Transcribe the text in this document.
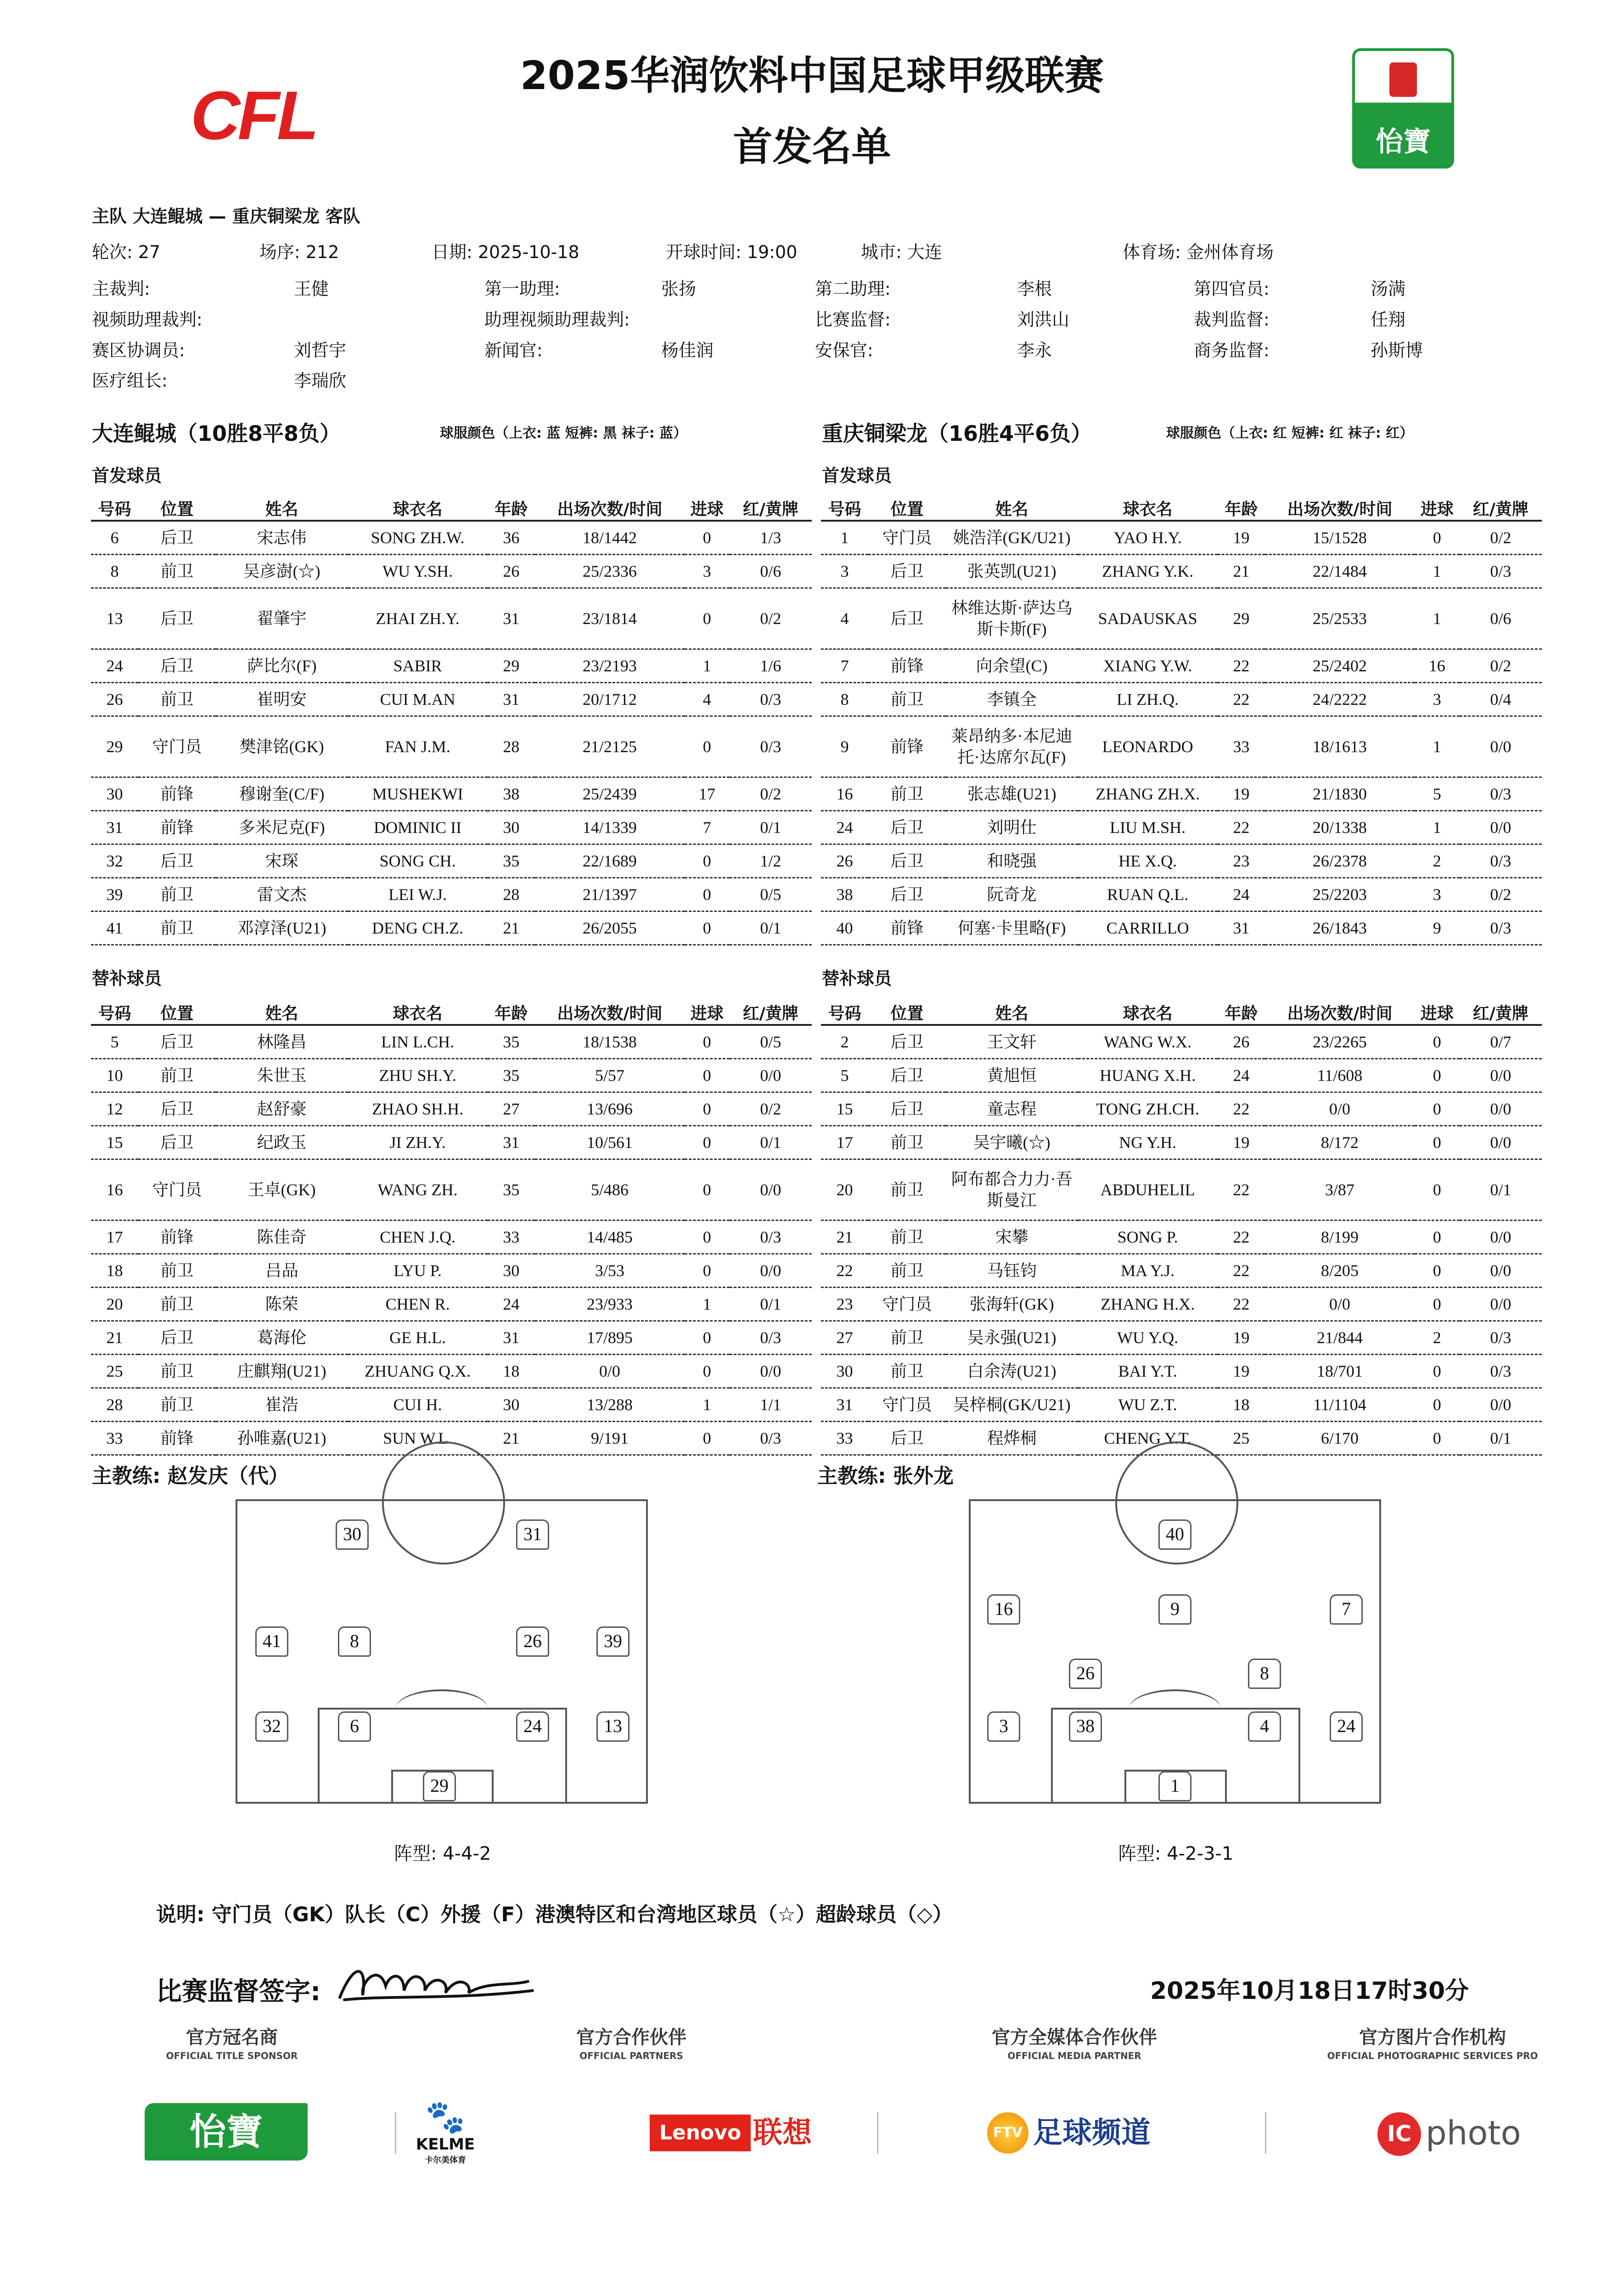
CFL
2025华润饮料中国足球甲级联赛
首发名单	怡寶
主队 大连鲲城 — 重庆铜梁龙 客队
轮次: 27	场序: 212	日期: 2025-10-18	开球时间: 19:00	城市: 大连	体育场: 金州体育场
主裁判:	王健	第一助理:	张扬	第二助理:	李根	第四官员:	汤满
视频助理裁判:	助理视频助理裁判:	比赛监督:	刘洪山	裁判监督:	任翔
赛区协调员:	刘哲宇	新闻官:	杨佳润	安保官:	李永	商务监督:	孙斯博
医疗组长:	李瑞欣
大连鲲城（10胜8平8负）	球服颜色（上衣: 蓝 短裤: 黑 袜子: 蓝）	重庆铜梁龙（16胜4平6负）	球服颜色（上衣: 红 短裤: 红 袜子: 红）
首发球员	首发球员
替补球员	替补球员
号码	位置	姓名	球衣名	年龄	出场次数/时间	进球	红/黄牌
6	后卫	宋志伟	SONG ZH.W.	36	18/1442	0	1/3
8	前卫	吴彦澍(☆)	WU Y.SH.	26	25/2336	3	0/6
13	后卫	翟肇宇	ZHAI ZH.Y.	31	23/1814	0	0/2
24	后卫	萨比尔(F)	SABIR	29	23/2193	1	1/6
26	前卫	崔明安	CUI M.AN	31	20/1712	4	0/3
29	守门员	樊津铭(GK)	FAN J.M.	28	21/2125	0	0/3
30	前锋	穆谢奎(C/F)	MUSHEKWI	38	25/2439	17	0/2
31	前锋	多米尼克(F)	DOMINIC II	30	14/1339	7	0/1
32	后卫	宋琛	SONG CH.	35	22/1689	0	1/2
39	前卫	雷文杰	LEI W.J.	28	21/1397	0	0/5
41	前卫	邓淳泽(U21)	DENG CH.Z.	21	26/2055	0	0/1
号码	位置	姓名	球衣名	年龄	出场次数/时间	进球	红/黄牌
1	守门员	姚浩洋(GK/U21)	YAO H.Y.	19	15/1528	0	0/2
3	后卫	张英凯(U21)	ZHANG Y.K.	21	22/1484	1	0/3
4	后卫	林维达斯·萨达乌斯卡斯(F)	SADAUSKAS	29	25/2533	1	0/6
7	前锋	向余望(C)	XIANG Y.W.	22	25/2402	16	0/2
8	前卫	李镇全	LI ZH.Q.	22	24/2222	3	0/4
9	前锋	莱昂纳多·本尼迪托·达席尔瓦(F)	LEONARDO	33	18/1613	1	0/0
16	前卫	张志雄(U21)	ZHANG ZH.X.	19	21/1830	5	0/3
24	后卫	刘明仕	LIU M.SH.	22	20/1338	1	0/0
26	后卫	和晓强	HE X.Q.	23	26/2378	2	0/3
38	后卫	阮奇龙	RUAN Q.L.	24	25/2203	3	0/2
40	前锋	何塞·卡里略(F)	CARRILLO	31	26/1843	9	0/3
号码	位置	姓名	球衣名	年龄	出场次数/时间	进球	红/黄牌
5	后卫	林隆昌	LIN L.CH.	35	18/1538	0	0/5
10	前卫	朱世玉	ZHU SH.Y.	35	5/57	0	0/0
12	后卫	赵舒豪	ZHAO SH.H.	27	13/696	0	0/2
15	后卫	纪政玉	JI ZH.Y.	31	10/561	0	0/1
16	守门员	王卓(GK)	WANG ZH.	35	5/486	0	0/0
17	前锋	陈佳奇	CHEN J.Q.	33	14/485	0	0/3
18	前卫	吕品	LYU P.	30	3/53	0	0/0
20	前卫	陈荣	CHEN R.	24	23/933	1	0/1
21	后卫	葛海伦	GE H.L.	31	17/895	0	0/3
25	前卫	庄麒翔(U21)	ZHUANG Q.X.	18	0/0	0	0/0
28	前卫	崔浩	CUI H.	30	13/288	1	1/1
33	前锋	孙唯嘉(U21)	SUN W.L.	21	9/191	0	0/3
号码	位置	姓名	球衣名	年龄	出场次数/时间	进球	红/黄牌
2	后卫	王文轩	WANG W.X.	26	23/2265	0	0/7
5	后卫	黄旭恒	HUANG X.H.	24	11/608	0	0/0
15	后卫	童志程	TONG ZH.CH.	22	0/0	0	0/0
17	前卫	吴宇曦(☆)	NG Y.H.	19	8/172	0	0/0
20	前卫	阿布都合力力·吾斯曼江	ABDUHELIL	22	3/87	0	0/1
21	前卫	宋攀	SONG P.	22	8/199	0	0/0
22	前卫	马钰钧	MA Y.J.	22	8/205	0	0/0
23	守门员	张海轩(GK)	ZHANG H.X.	22	0/0	0	0/0
27	前卫	吴永强(U21)	WU Y.Q.	19	21/844	2	0/3
30	前卫	白余涛(U21)	BAI Y.T.	19	18/701	0	0/3
31	守门员	吴梓桐(GK/U21)	WU Z.T.	18	11/1104	0	0/0
33	后卫	程烨桐	CHENG Y.T.	25	6/170	0	0/1
主教练: 赵发庆（代）	主教练: 张外龙
30	31
41	8	26	39
32	6	24	13
29
40
16	9	7
26	8
3	38	4	24
1
阵型: 4-4-2	阵型: 4-2-3-1
说明: 守门员（GK）队长（C）外援（F）港澳特区和台湾地区球员（☆）超龄球员（◇）
比赛监督签字:	2025年10月18日17时30分
官方冠名商
OFFICIAL TITLE SPONSOR
官方合作伙伴
OFFICIAL PARTNERS
官方全媒体合作伙伴
OFFICIAL MEDIA PARTNER
官方图片合作机构
OFFICIAL PHOTOGRAPHIC SERVICES PRO
怡寶	🐾
KELME
卡尔美体育
Lenovo 联想	FTV 足球频道	IC photo
